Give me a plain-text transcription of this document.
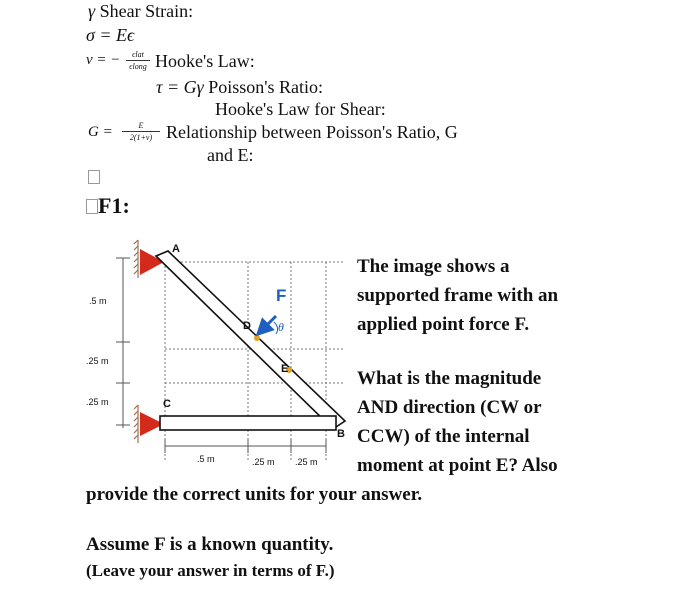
γ Shear Strain:
σ = Eϵ
ν = −	ϵlat
ϵlong Hooke's Law:
τ = Gγ Poisson's Ratio:
Hooke's Law for Shear:
G =	E
2(1+ν) Relationship between Poisson's Ratio, G
and E:
F1:
A
B
C
D
E
F
θ
.5 m
.25 m
.25 m
.5 m	.25 m .25 m
The image shows a
supported frame with an
applied point force F.
What is the magnitude
AND direction (CW or
CCW) of the internal
moment at point E? Also
provide the correct units for your answer.
Assume F is a known quantity.
(Leave your answer in terms of F.)
